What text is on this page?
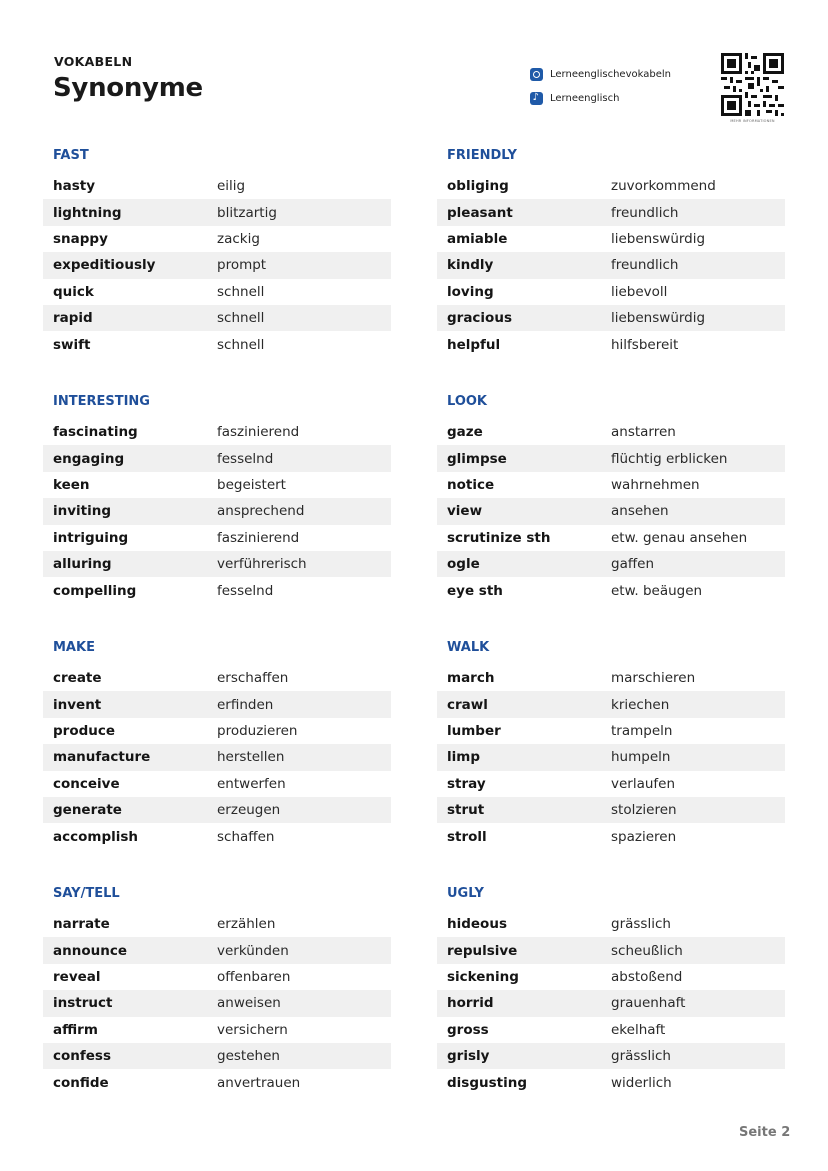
VOKABELN
Synonyme	Lerneenglischevokabeln
♪
Lerneenglisch
MEHR INFORMATIONEN
FAST
hasty	eilig
lightning	blitzartig
snappy	zackig
expeditiously	prompt
quick	schnell
rapid	schnell
swift	schnell
FRIENDLY
obliging	zuvorkommend
pleasant	freundlich
amiable	liebenswürdig
kindly	freundlich
loving	liebevoll
gracious	liebenswürdig
helpful	hilfsbereit
INTERESTING
fascinating	faszinierend
engaging	fesselnd
keen	begeistert
inviting	ansprechend
intriguing	faszinierend
alluring	verführerisch
compelling	fesselnd
LOOK
gaze	anstarren
glimpse	flüchtig erblicken
notice	wahrnehmen
view	ansehen
scrutinize sth	etw. genau ansehen
ogle	gaffen
eye sth	etw. beäugen
MAKE
create	erschaffen
invent	erfinden
produce	produzieren
manufacture	herstellen
conceive	entwerfen
generate	erzeugen
accomplish	schaffen
WALK
march	marschieren
crawl	kriechen
lumber	trampeln
limp	humpeln
stray	verlaufen
strut	stolzieren
stroll	spazieren
SAY/TELL
narrate	erzählen
announce	verkünden
reveal	offenbaren
instruct	anweisen
affirm	versichern
confess	gestehen
confide	anvertrauen
UGLY
hideous	grässlich
repulsive	scheußlich
sickening	abstoßend
horrid	grauenhaft
gross	ekelhaft
grisly	grässlich
disgusting	widerlich
Seite 2
